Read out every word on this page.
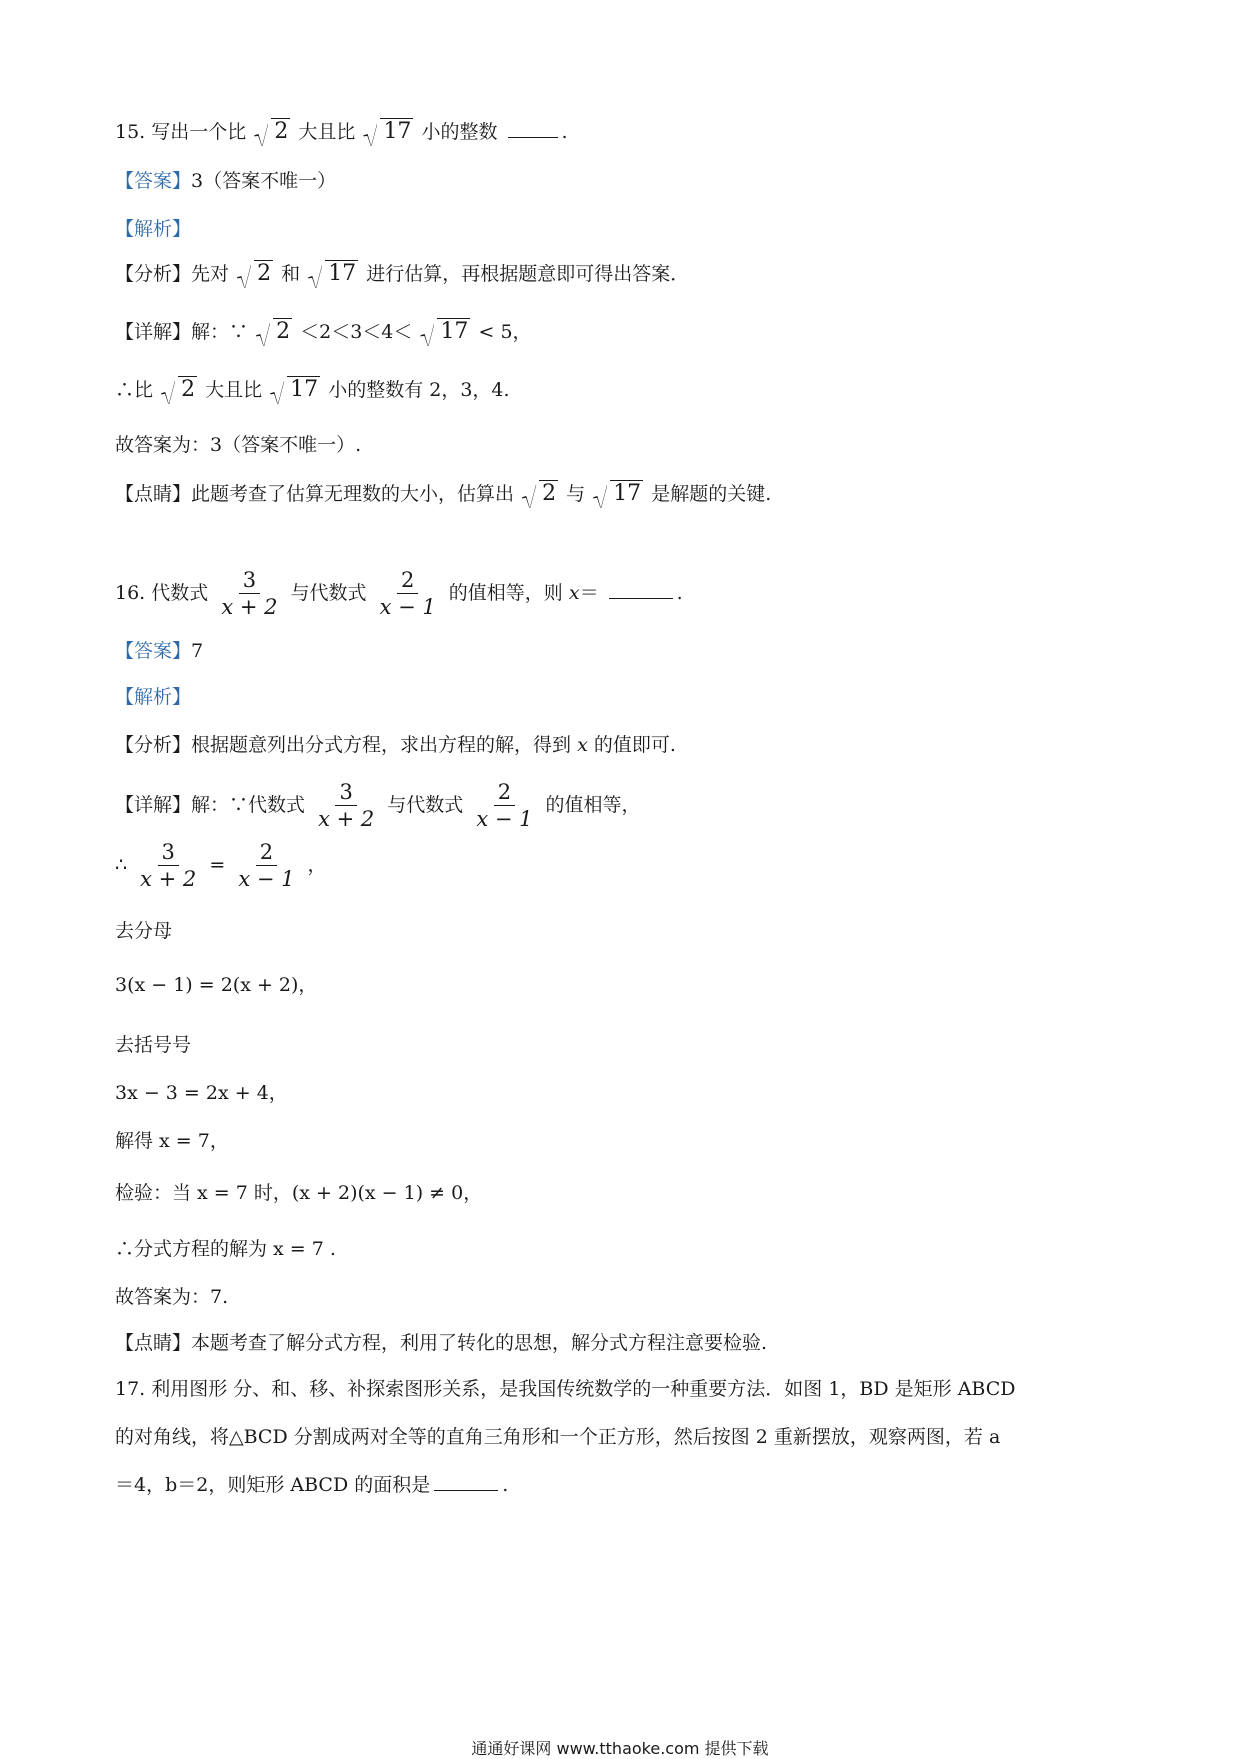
15. 写出一个比 2 大且比 17 小的整数	.
【答案】3（答案不唯一）
【解析】
【分析】先对 2 和 17 进行估算，再根据题意即可得出答案．
【详解】解：∵ 2 ＜2＜3＜4＜ 17 < 5，
∴比 2 大且比 17 小的整数有 2，3，4.
故答案为：3（答案不唯一）.
【点睛】此题考查了估算无理数的大小，估算出 2 与 17 是解题的关键.
16. 代数式 $\frac{3}{x + 2}$ 与代数式 $\frac{2}{x - 1}$ 的值相等，则 x＝	.
【答案】7
【解析】
【分析】根据题意列出分式方程，求出方程的解，得到 x 的值即可.
【详解】解：∵代数式 $\frac{3}{x + 2}$ 与代数式 $\frac{2}{x - 1}$ 的值相等，
∴ $\frac{3}{x + 2} = \frac{2}{x - 1}$ ，
去分母
3(x − 1) = 2(x + 2)，
去括号号
3x − 3 = 2x + 4，
解得 x = 7，
检验：当 x = 7 时，(x + 2)(x − 1) ≠ 0，
∴分式方程的解为 x = 7 .
故答案为：7.
【点睛】本题考查了解分式方程，利用了转化的思想，解分式方程注意要检验.
17. 利用图形 分、和、移、补探索图形关系，是我国传统数学的一种重要方法．如图 1，BD 是矩形 ABCD
的对角线，将△BCD 分割成两对全等的直角三角形和一个正方形，然后按图 2 重新摆放，观察两图，若 a
＝4，b＝2，则矩形 ABCD 的面积是	.
通通好课网 www.tthaoke.com 提供下载
